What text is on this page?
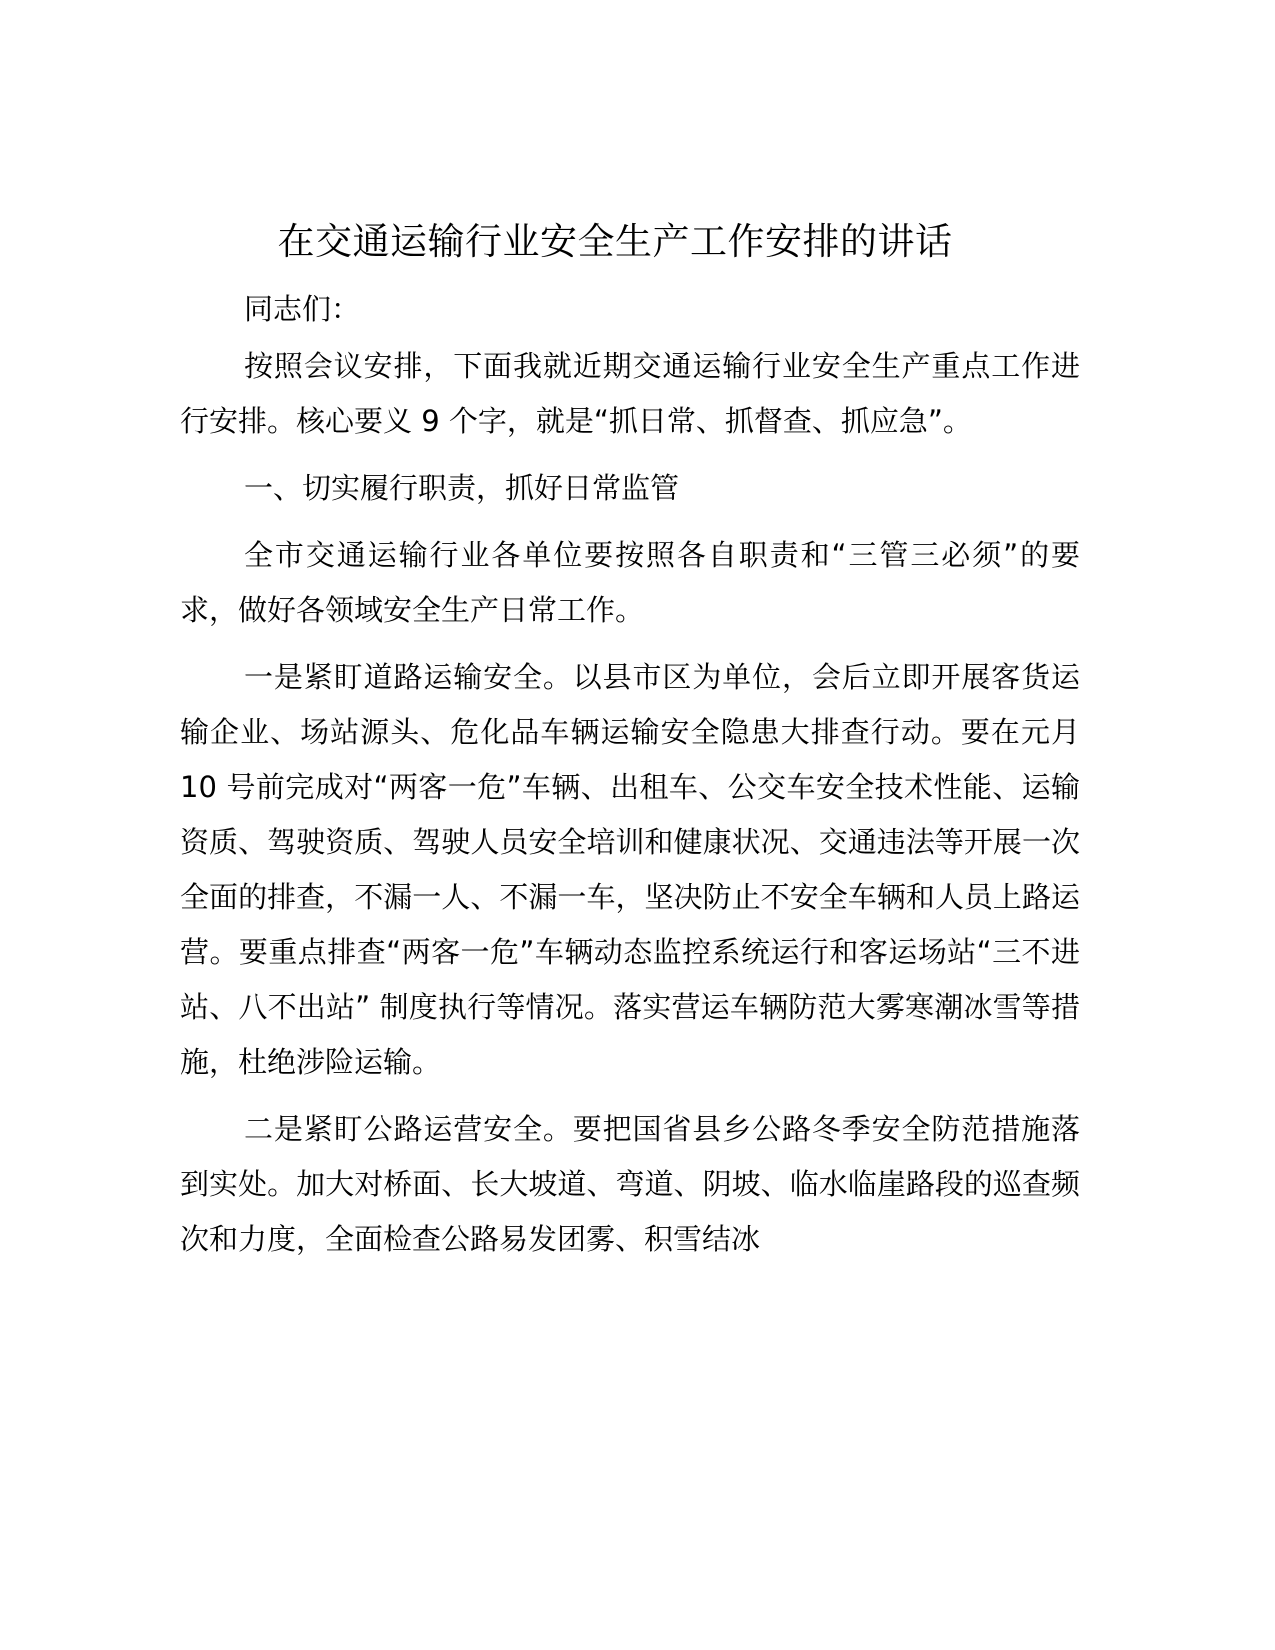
在交通运输行业安全生产工作安排的讲话

同志们：

按照会议安排，下面我就近期交通运输行业安全生产重点工作进行安排。核心要义 9 个字，就是“抓日常、抓督查、抓应急”。

一、切实履行职责，抓好日常监管

全市交通运输行业各单位要按照各自职责和“三管三必须”的要求，做好各领域安全生产日常工作。

一是紧盯道路运输安全。以县市区为单位，会后立即开展客货运输企业、场站源头、危化品车辆运输安全隐患大排查行动。要在元月 10 号前完成对“两客一危”车辆、出租车、公交车安全技术性能、运输资质、驾驶资质、驾驶人员安全培训和健康状况、交通违法等开展一次全面的排查，不漏一人、不漏一车，坚决防止不安全车辆和人员上路运营。要重点排查“两客一危”车辆动态监控系统运行和客运场站“三不进站、八不出站” 制度执行等情况。落实营运车辆防范大雾寒潮冰雪等措施，杜绝涉险运输。

二是紧盯公路运营安全。要把国省县乡公路冬季安全防范措施落到实处。加大对桥面、长大坡道、弯道、阴坡、临水临崖路段的巡查频次和力度，全面检查公路易发团雾、积雪结冰
